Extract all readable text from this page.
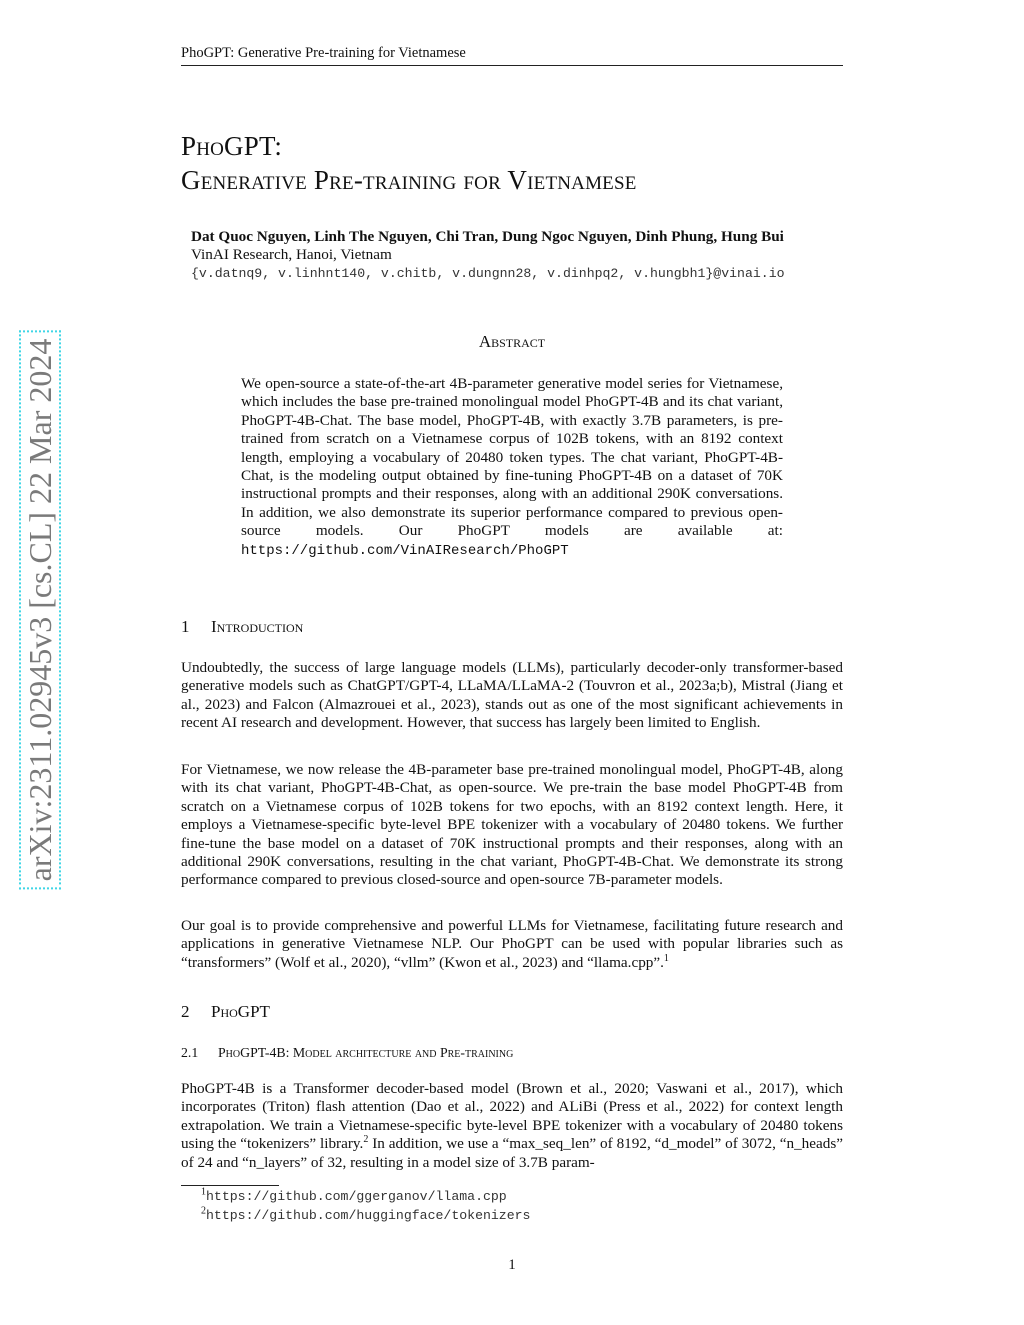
PhoGPT: Generative Pre-training for Vietnamese
arXiv:2311.02945v3 [cs.CL] 22 Mar 2024
PhoGPT:
Generative Pre-training for Vietnamese
Dat Quoc Nguyen, Linh The Nguyen, Chi Tran, Dung Ngoc Nguyen, Dinh Phung, Hung Bui
VinAI Research, Hanoi, Vietnam
{v.datnq9, v.linhnt140, v.chitb, v.dungnn28, v.dinhpq2, v.hungbh1}@vinai.io
Abstract
We open-source a state-of-the-art 4B-parameter generative model series for Vietnamese, which includes the base pre-trained monolingual model PhoGPT-4B and its chat variant, PhoGPT-4B-Chat. The base model, PhoGPT-4B, with exactly 3.7B parameters, is pre-trained from scratch on a Vietnamese corpus of 102B tokens, with an 8192 context length, employing a vocabulary of 20480 token types. The chat variant, PhoGPT-4B-Chat, is the modeling output obtained by fine-tuning PhoGPT-4B on a dataset of 70K instructional prompts and their responses, along with an additional 290K conversations. In addition, we also demonstrate its superior performance compared to previous open-source models. Our PhoGPT models are available at: https://github.com/VinAIResearch/PhoGPT
1 Introduction
Undoubtedly, the success of large language models (LLMs), particularly decoder-only transformer-based generative models such as ChatGPT/GPT-4, LLaMA/LLaMA-2 (Touvron et al., 2023a;b), Mistral (Jiang et al., 2023) and Falcon (Almazrouei et al., 2023), stands out as one of the most significant achievements in recent AI research and development. However, that success has largely been limited to English.
For Vietnamese, we now release the 4B-parameter base pre-trained monolingual model, PhoGPT-4B, along with its chat variant, PhoGPT-4B-Chat, as open-source. We pre-train the base model PhoGPT-4B from scratch on a Vietnamese corpus of 102B tokens for two epochs, with an 8192 context length. Here, it employs a Vietnamese-specific byte-level BPE tokenizer with a vocabulary of 20480 tokens. We further fine-tune the base model on a dataset of 70K instructional prompts and their responses, along with an additional 290K conversations, resulting in the chat variant, PhoGPT-4B-Chat. We demonstrate its strong performance compared to previous closed-source and open-source 7B-parameter models.
Our goal is to provide comprehensive and powerful LLMs for Vietnamese, facilitating future research and applications in generative Vietnamese NLP. Our PhoGPT can be used with popular libraries such as “transformers” (Wolf et al., 2020), “vllm” (Kwon et al., 2023) and “llama.cpp”.$^1$
2 PhoGPT
2.1 PhoGPT-4B: Model architecture and Pre-training
PhoGPT-4B is a Transformer decoder-based model (Brown et al., 2020; Vaswani et al., 2017), which incorporates (Triton) flash attention (Dao et al., 2022) and ALiBi (Press et al., 2022) for context length extrapolation. We train a Vietnamese-specific byte-level BPE tokenizer with a vocabulary of 20480 tokens using the “tokenizers” library.$^2$ In addition, we use a “max_seq_len” of 8192, “d_model” of 3072, “n_heads” of 24 and “n_layers” of 32, resulting in a model size of 3.7B param-
$^1$https://github.com/ggerganov/llama.cpp
$^2$https://github.com/huggingface/tokenizers
1
